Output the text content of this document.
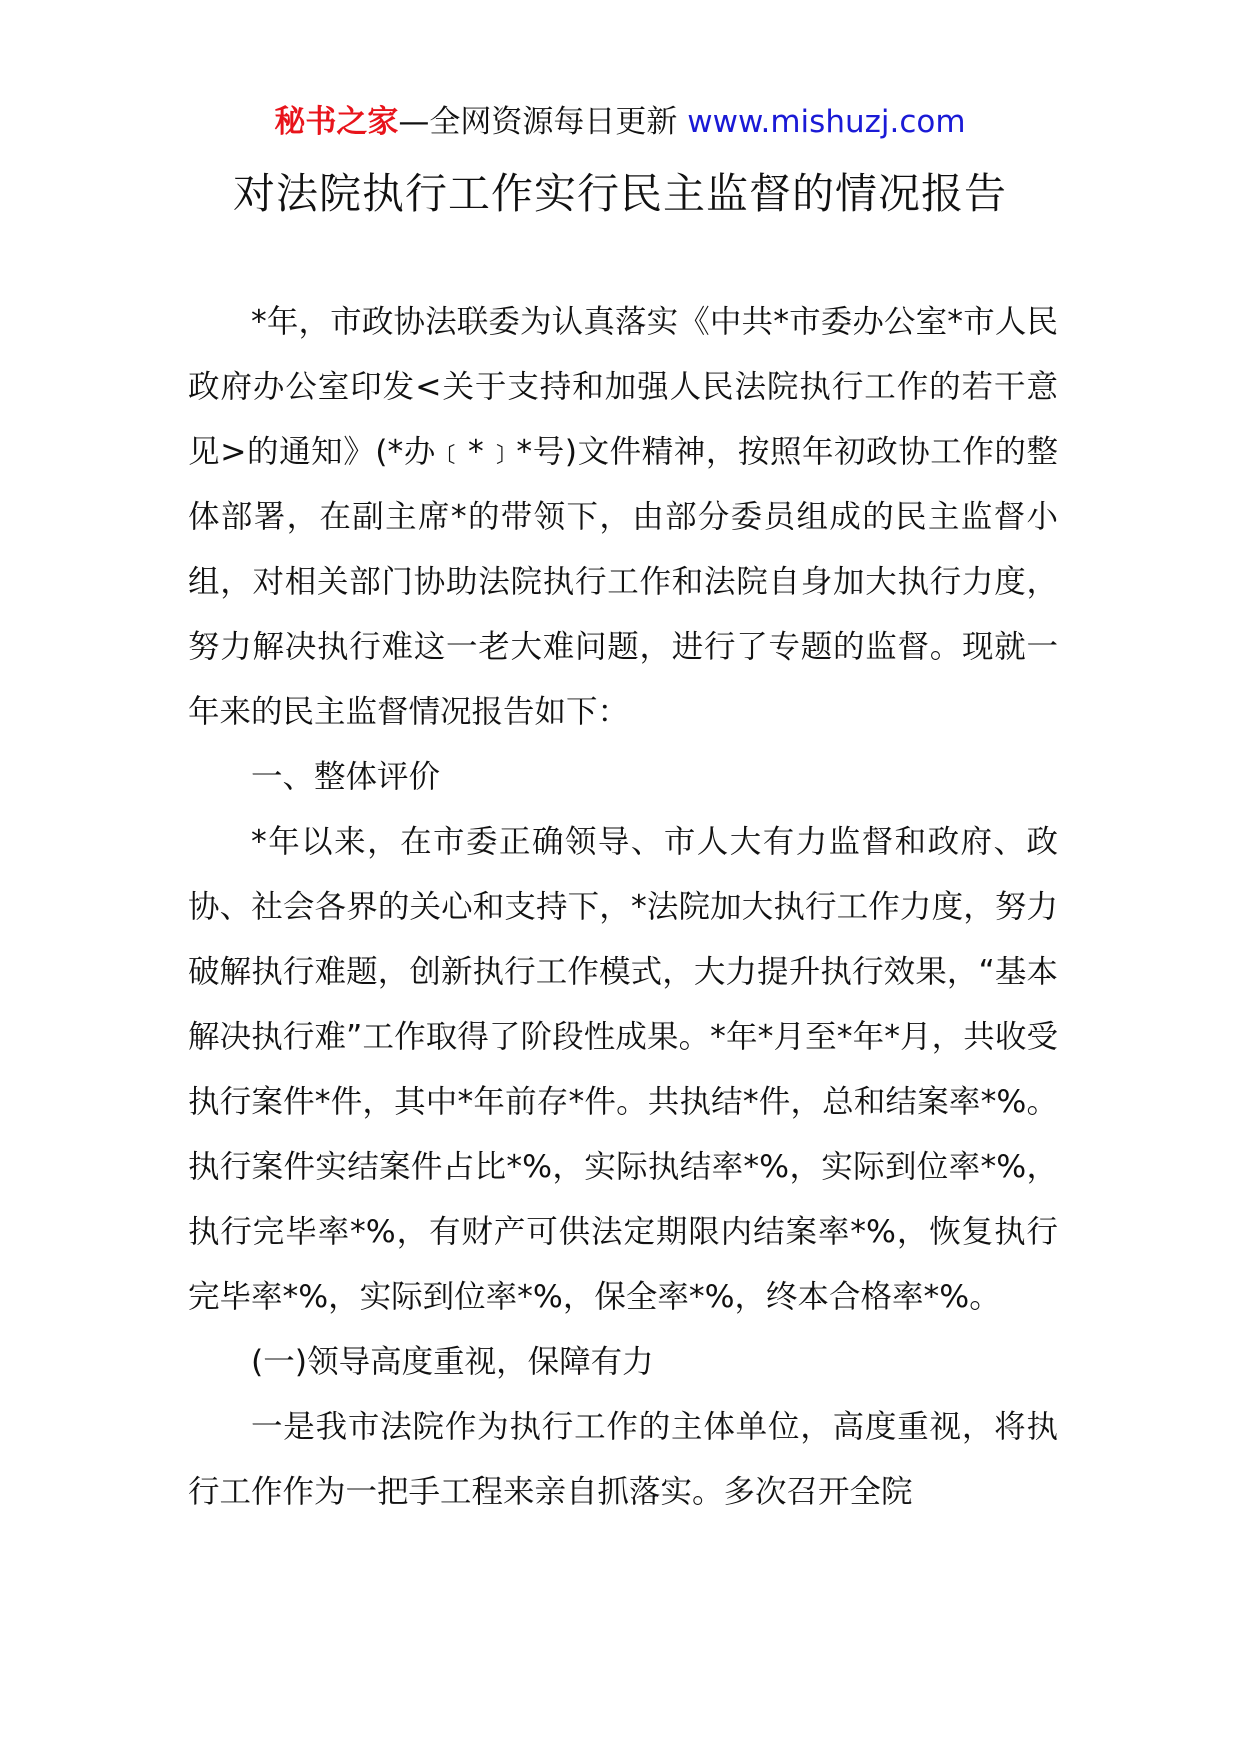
秘书之家—全网资源每日更新 www.mishuzj.com
对法院执行工作实行民主监督的情况报告

*年，市政协法联委为认真落实《中共*市委办公室*市人民政府办公室印发<关于支持和加强人民法院执行工作的若干意见>的通知》(*办﹝*﹞*号)文件精神，按照年初政协工作的整体部署，在副主席*的带领下，由部分委员组成的民主监督小组，对相关部门协助法院执行工作和法院自身加大执行力度，努力解决执行难这一老大难问题，进行了专题的监督。现就一年来的民主监督情况报告如下：

一、整体评价

*年以来，在市委正确领导、市人大有力监督和政府、政协、社会各界的关心和支持下，*法院加大执行工作力度，努力破解执行难题，创新执行工作模式，大力提升执行效果，“基本解决执行难”工作取得了阶段性成果。*年*月至*年*月，共收受执行案件*件，其中*年前存*件。共执结*件，总和结案率*%。执行案件实结案件占比*%，实际执结率*%，实际到位率*%，执行完毕率*%，有财产可供法定期限内结案率*%，恢复执行完毕率*%，实际到位率*%，保全率*%，终本合格率*%。

(一)领导高度重视，保障有力

一是我市法院作为执行工作的主体单位，高度重视，将执行工作作为一把手工程来亲自抓落实。多次召开全院
